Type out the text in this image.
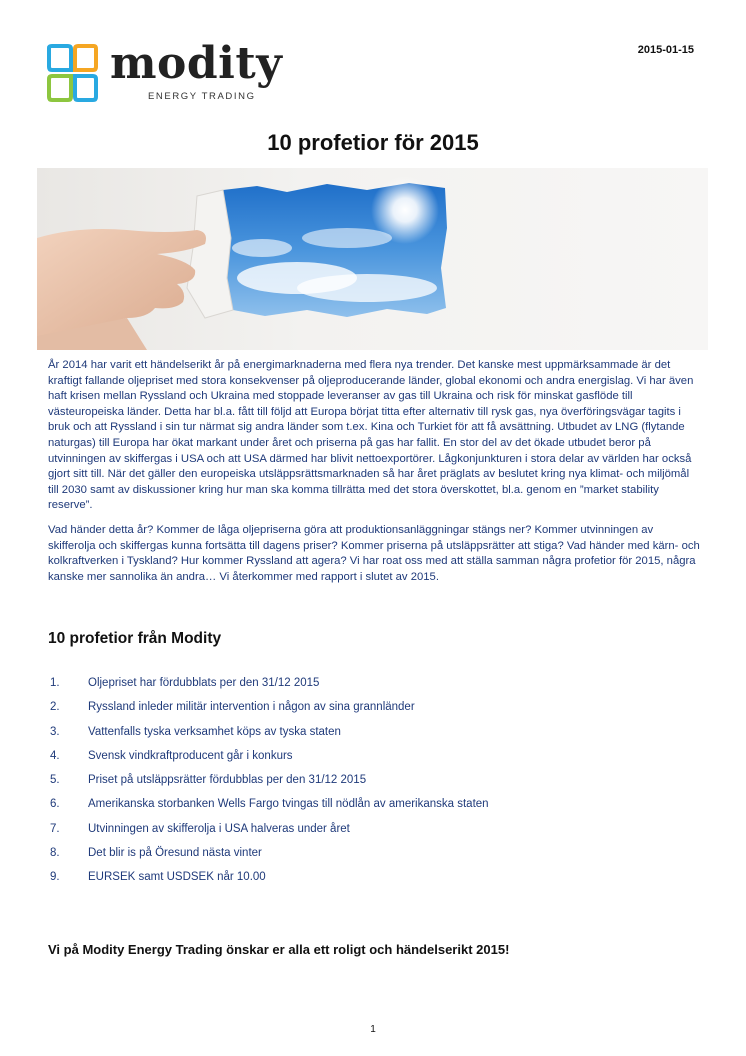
modity
ENERGY TRADING
2015-01-15
10 profetior för 2015

År 2014 har varit ett händelserikt år på energimarknaderna med flera nya trender. Det kanske mest uppmärksammade är det kraftigt fallande oljepriset med stora konsekvenser på oljeproducerande länder, global ekonomi och andra energislag. Vi har även haft krisen mellan Ryssland och Ukraina med stoppade leveranser av gas till Ukraina och risk för minskat gasflöde till västeuropeiska länder. Detta har bl.a. fått till följd att Europa börjat titta efter alternativ till rysk gas, nya överföringsvägar tagits i bruk och att Ryssland i sin tur närmat sig andra länder som t.ex. Kina och Turkiet för att få avsättning. Utbudet av LNG (flytande naturgas) till Europa har ökat markant under året och priserna på gas har fallit. En stor del av det ökade utbudet beror på utvinningen av skiffergas i USA och att USA därmed har blivit nettoexportörer. Lågkonjunkturen i stora delar av världen har också gjort sitt till. När det gäller den europeiska utsläppsrättsmarknaden så har året präglats av beslutet kring nya klimat- och miljömål till 2030 samt av diskussioner kring hur man ska komma tillrätta med det stora överskottet, bl.a. genom en ”market stability reserve”.

Vad händer detta år? Kommer de låga oljepriserna göra att produktionsanläggningar stängs ner? Kommer utvinningen av skifferolja och skiffergas kunna fortsätta till dagens priser? Kommer priserna på utsläppsrätter att stiga? Vad händer med kärn- och kolkraftverken i Tyskland? Hur kommer Ryssland att agera? Vi har roat oss med att ställa samman några profetior för 2015, några kanske mer sannolika än andra… Vi återkommer med rapport i slutet av 2015.

10 profetior från Modity
1.	Oljepriset har fördubblats per den 31/12 2015
2.	Ryssland inleder militär intervention i någon av sina grannländer
3.	Vattenfalls tyska verksamhet köps av tyska staten
4.	Svensk vindkraftproducent går i konkurs
5.	Priset på utsläppsrätter fördubblas per den 31/12 2015
6.	Amerikanska storbanken Wells Fargo tvingas till nödlån av amerikanska staten
7.	Utvinningen av skifferolja i USA halveras under året
8.	Det blir is på Öresund nästa vinter
9.	EURSEK samt USDSEK når 10.00
Vi på Modity Energy Trading önskar er alla ett roligt och händelserikt 2015!
1
